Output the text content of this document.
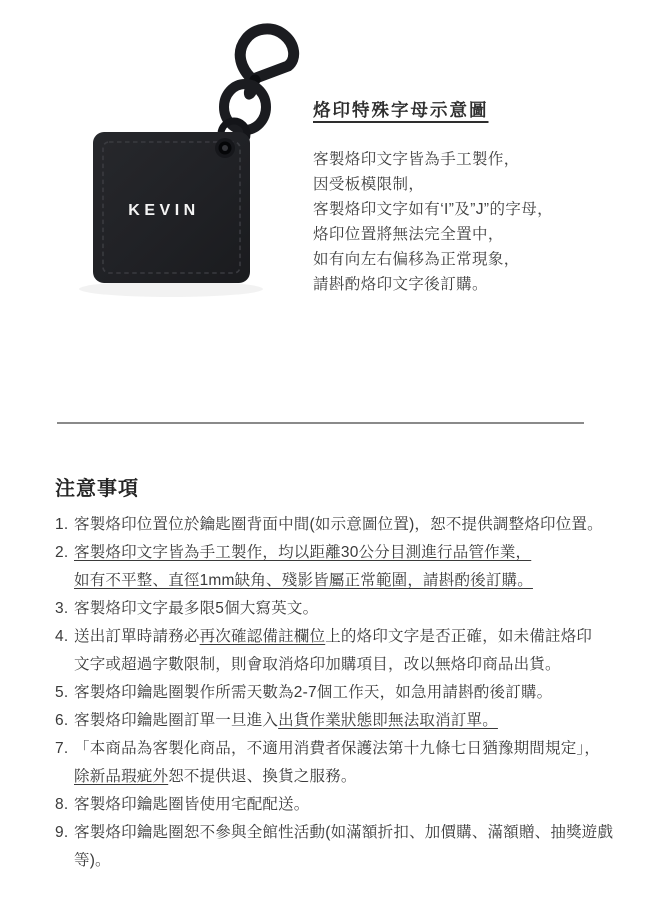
KEVIN
烙印特殊字母示意圖
客製烙印文字皆為手工製作，
因受板模限制，
客製烙印文字如有‘I”及”J”的字母，
烙印位置將無法完全置中，
如有向左右偏移為正常現象，
請斟酌烙印文字後訂購。
注意事項
1. 客製烙印位置位於鑰匙圈背面中間(如示意圖位置)，恕不提供調整烙印位置。
2. 客製烙印文字皆為手工製作，均以距離30公分目測進行品管作業，
如有不平整、直徑1mm缺角、殘影皆屬正常範圍，請斟酌後訂購。
3. 客製烙印文字最多限5個大寫英文。
4. 送出訂單時請務必再次確認備註欄位上的烙印文字是否正確，如未備註烙印
文字或超過字數限制，則會取消烙印加購項目，改以無烙印商品出貨。
5. 客製烙印鑰匙圈製作所需天數為2-7個工作天，如急用請斟酌後訂購。
6. 客製烙印鑰匙圈訂單一旦進入出貨作業狀態即無法取消訂單。
7. 「本商品為客製化商品，不適用消費者保護法第十九條七日猶豫期間規定」，
除新品瑕疵外恕不提供退、換貨之服務。
8. 客製烙印鑰匙圈皆使用宅配配送。
9. 客製烙印鑰匙圈恕不參與全館性活動(如滿額折扣、加價購、滿額贈、抽獎遊戲等)。
